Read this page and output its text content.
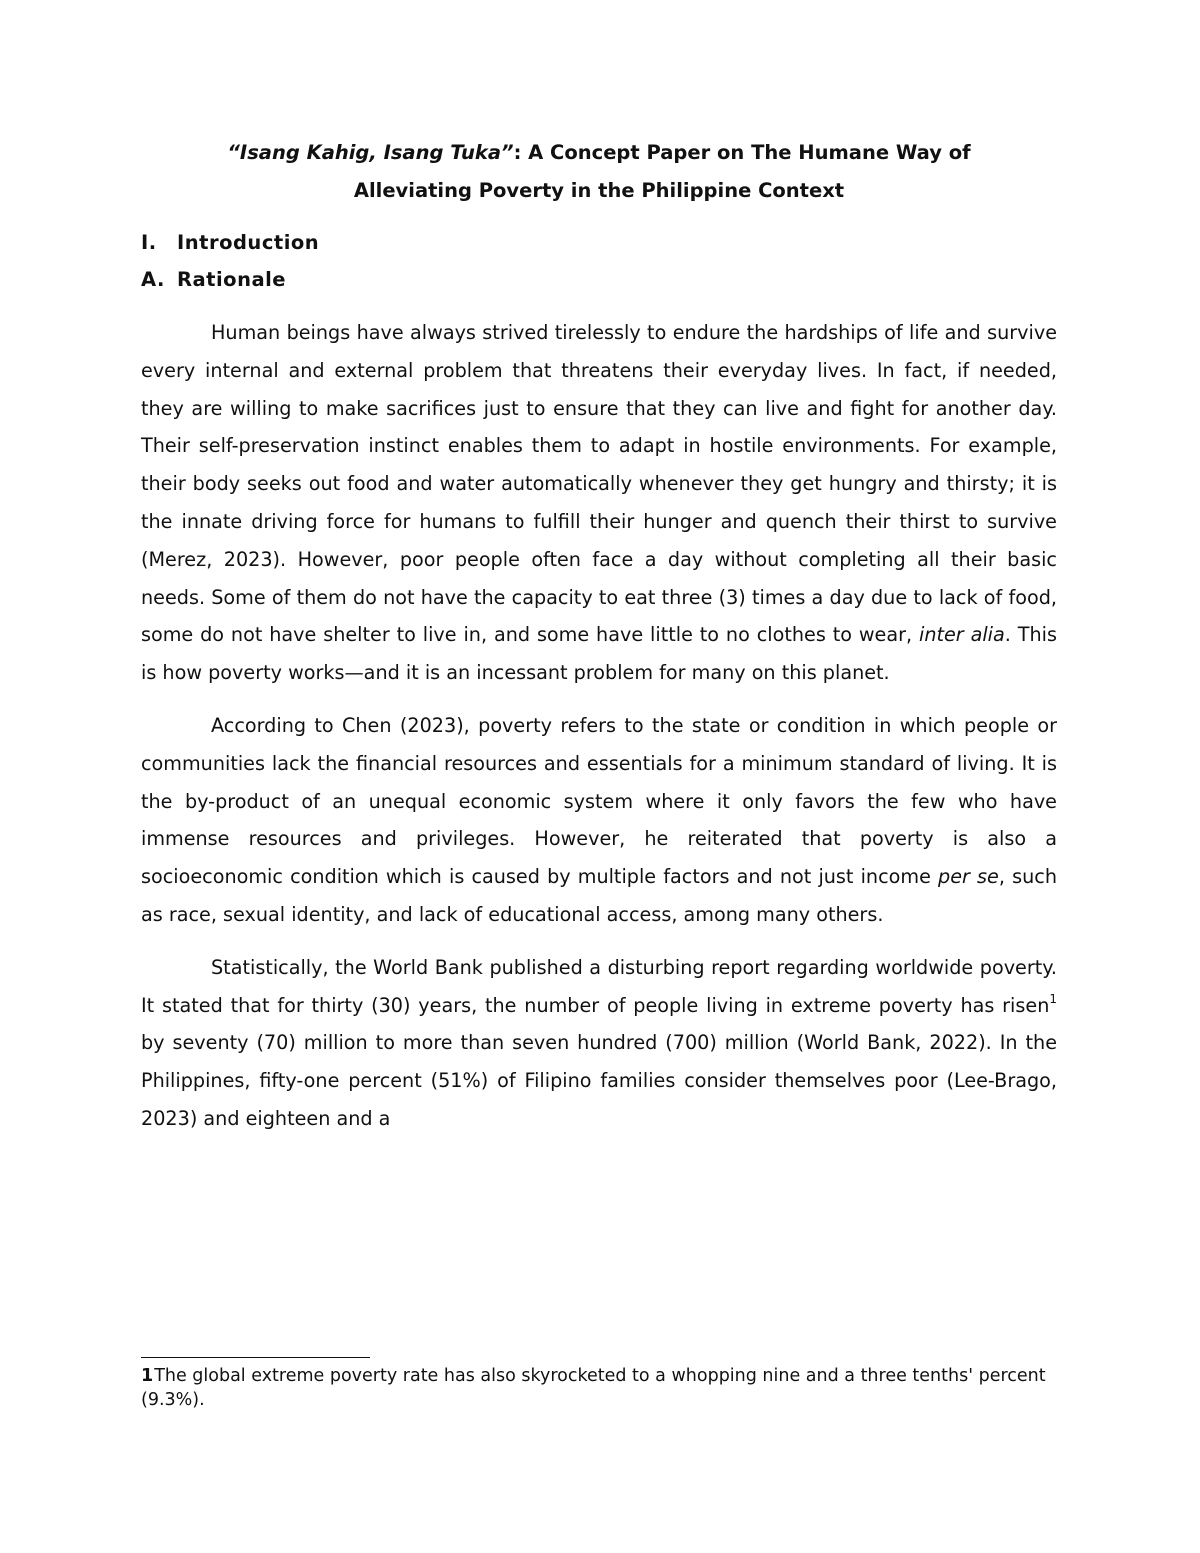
“Isang Kahig, Isang Tuka”: A Concept Paper on The Humane Way of
Alleviating Poverty in the Philippine Context
I.	Introduction
A. Rationale

Human beings have always strived tirelessly to endure the hardships of life and survive every internal and external problem that threatens their everyday lives. In fact, if needed, they are willing to make sacrifices just to ensure that they can live and fight for another day. Their self-preservation instinct enables them to adapt in hostile environments. For example, their body seeks out food and water automatically whenever they get hungry and thirsty; it is the innate driving force for humans to fulfill their hunger and quench their thirst to survive (Merez, 2023). However, poor people often face a day without completing all their basic needs. Some of them do not have the capacity to eat three (3) times a day due to lack of food, some do not have shelter to live in, and some have little to no clothes to wear, inter alia. This is how poverty works—and it is an incessant problem for many on this planet.

According to Chen (2023), poverty refers to the state or condition in which people or communities lack the financial resources and essentials for a minimum standard of living. It is the by-product of an unequal economic system where it only favors the few who have immense resources and privileges. However, he reiterated that poverty is also a socioeconomic condition which is caused by multiple factors and not just income per se, such as race, sexual identity, and lack of educational access, among many others.

Statistically, the World Bank published a disturbing report regarding worldwide poverty. It stated that for thirty (30) years, the number of people living in extreme poverty has risen$^1$ by seventy (70) million to more than seven hundred (700) million (World Bank, 2022). In the Philippines, fifty-one percent (51%) of Filipino families consider themselves poor (Lee-Brago, 2023) and eighteen and a

1The global extreme poverty rate has also skyrocketed to a whopping nine and a three tenths' percent (9.3%).
